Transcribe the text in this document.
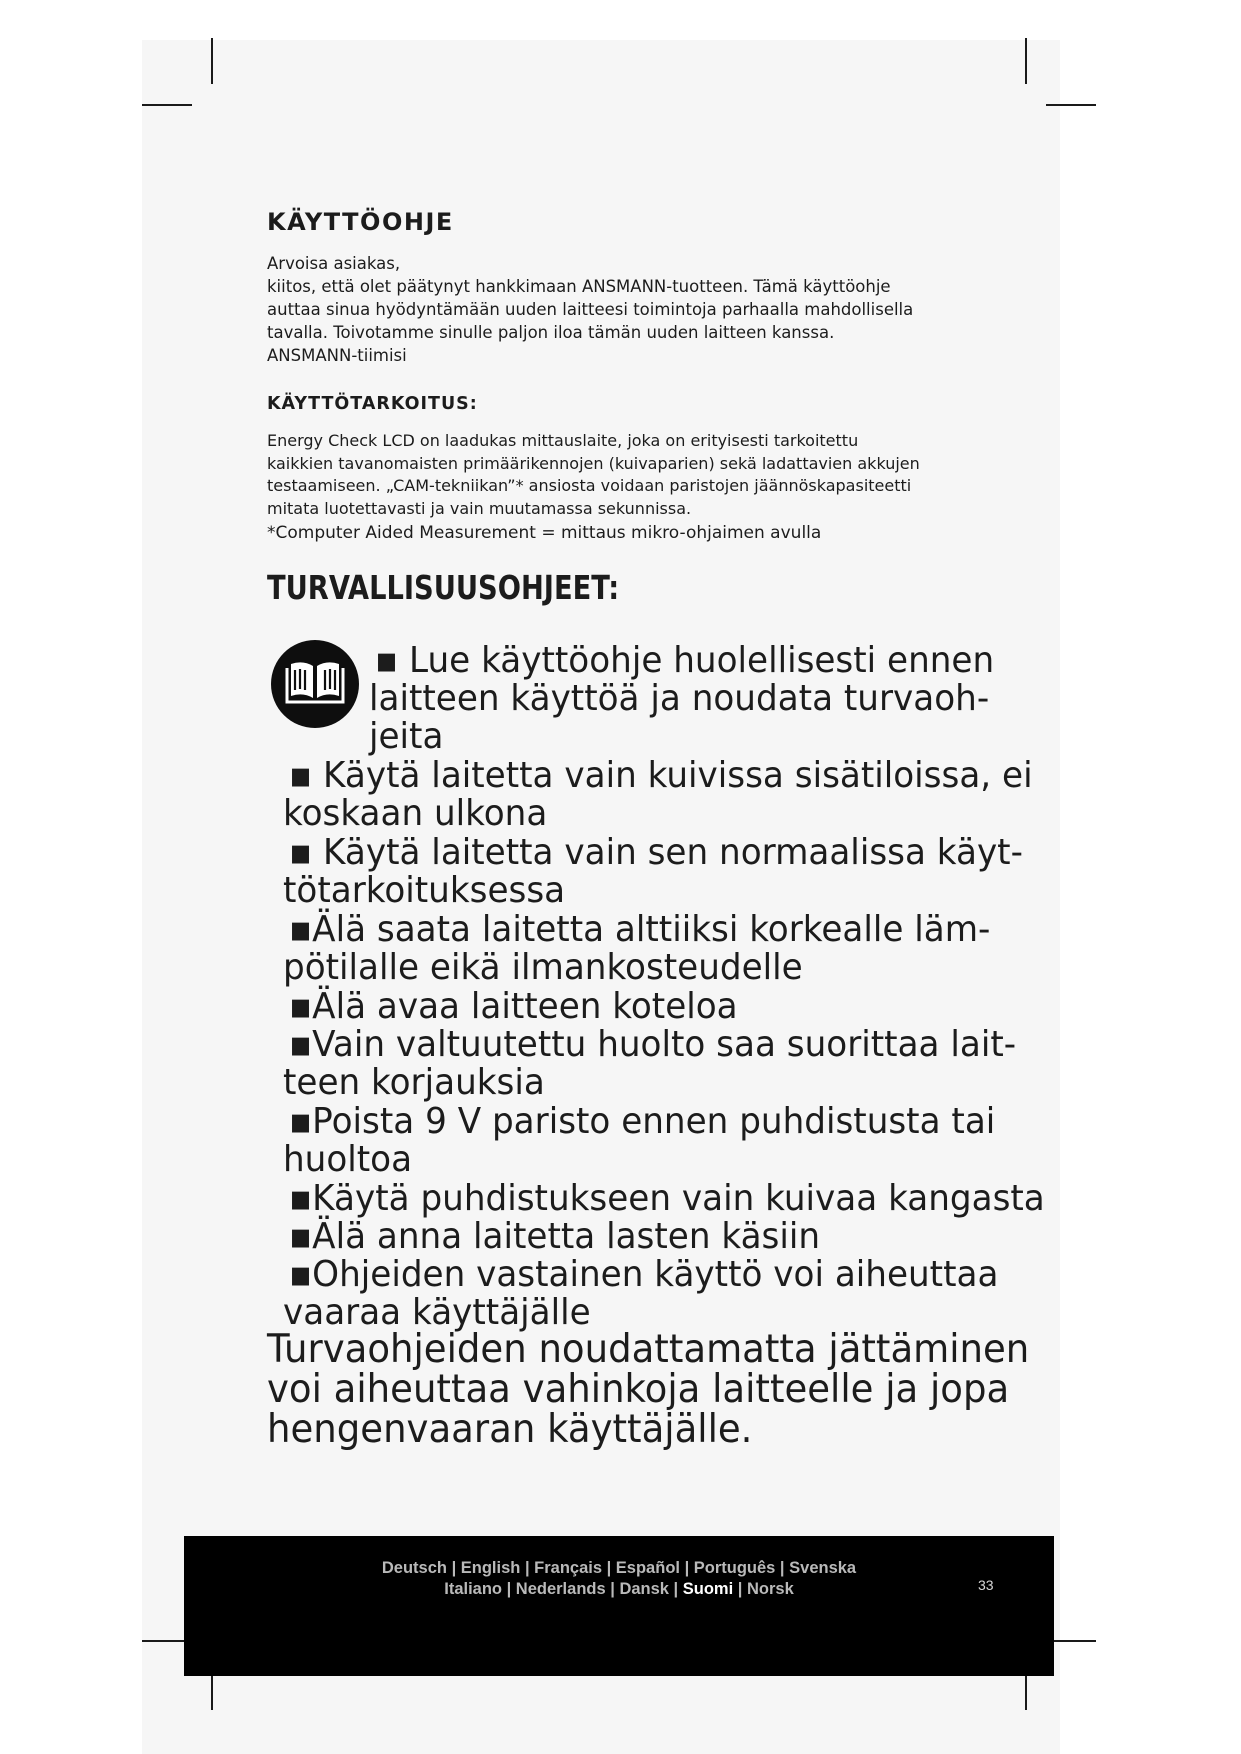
KÄYTTÖOHJE
Arvoisa asiakas,
kiitos, että olet päätynyt hankkimaan ANSMANN-tuotteen. Tämä käyttöohje
auttaa sinua hyödyntämään uuden laitteesi toimintoja parhaalla mahdollisella
tavalla. Toivotamme sinulle paljon iloa tämän uuden laitteen kanssa.
ANSMANN-tiimisi
KÄYTTÖTARKOITUS:
Energy Check LCD on laadukas mittauslaite, joka on erityisesti tarkoitettu
kaikkien tavanomaisten primäärikennojen (kuivaparien) sekä ladattavien akkujen
testaamiseen. „CAM-tekniikan”* ansiosta voidaan paristojen jäännöskapasiteetti
mitata luotettavasti ja vain muutamassa sekunnissa.
*Computer Aided Measurement = mittaus mikro-ohjaimen avulla
TURVALLISUUSOHJEET:
▪ Lue käyttöohje huolellisesti ennen
laitteen käyttöä ja noudata turvaoh-
jeita
▪ Käytä laitetta vain kuivissa sisätiloissa, ei
koskaan ulkona
▪ Käytä laitetta vain sen normaalissa käyt-
tötarkoituksessa
▪Älä saata laitetta alttiiksi korkealle läm-
pötilalle eikä ilmankosteudelle
▪Älä avaa laitteen koteloa
▪Vain valtuutettu huolto saa suorittaa lait-
teen korjauksia
▪Poista 9 V paristo ennen puhdistusta tai
huoltoa
▪Käytä puhdistukseen vain kuivaa kangasta
▪Älä anna laitetta lasten käsiin
▪Ohjeiden vastainen käyttö voi aiheuttaa
vaaraa käyttäjälle
Turvaohjeiden noudattamatta jättäminen
voi aiheuttaa vahinkoja laitteelle ja jopa
hengenvaaran käyttäjälle.
Deutsch | English | Français | Español | Português | Svenska
Italiano | Nederlands | Dansk | Suomi | Norsk	33
